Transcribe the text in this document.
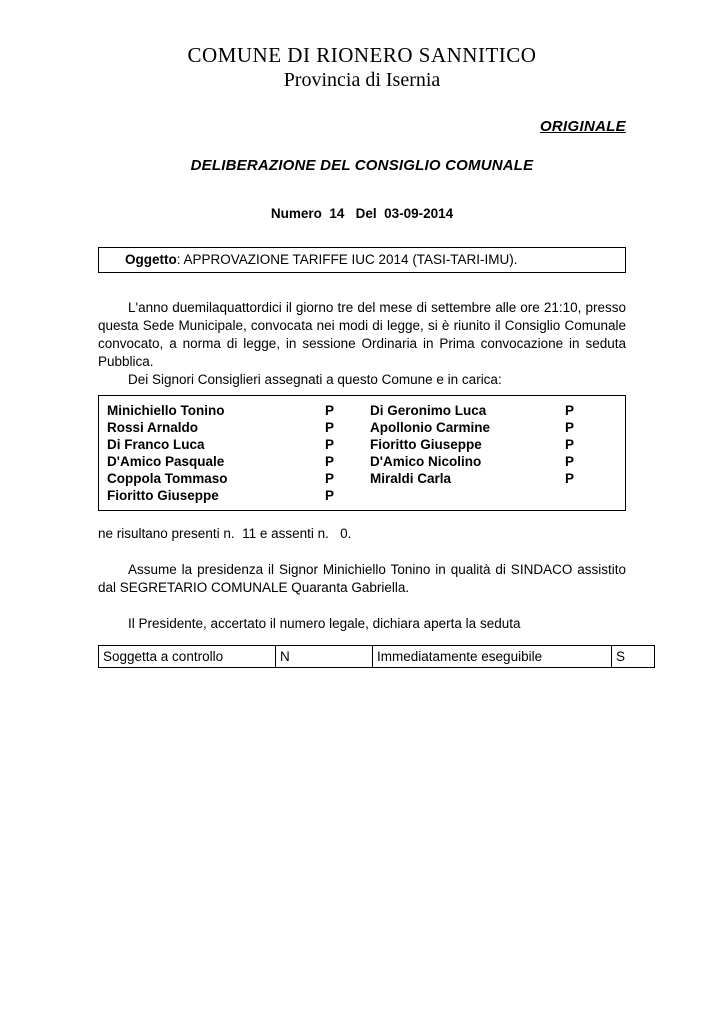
COMUNE DI RIONERO SANNITICO
Provincia di Isernia
ORIGINALE
DELIBERAZIONE DEL CONSIGLIO COMUNALE
Numero  14   Del  03-09-2014
Oggetto: APPROVAZIONE TARIFFE IUC 2014 (TASI-TARI-IMU).

L'anno duemilaquattordici il giorno tre del mese di settembre alle ore 21:10, presso questa Sede Municipale, convocata nei modi di legge, si è riunito il Consiglio Comunale convocato, a norma di legge, in sessione Ordinaria in Prima convocazione in seduta Pubblica.

Dei Signori Consiglieri assegnati a questo Comune e in carica:

Minichiello Tonino	P	Di Geronimo Luca	P
Rossi Arnaldo	P	Apollonio Carmine	P
Di Franco Luca	P	Fioritto Giuseppe	P
D'Amico Pasquale	P	D'Amico Nicolino	P
Coppola Tommaso	P	Miraldi Carla	P
Fioritto Giuseppe	P
ne risultano presenti n.  11 e assenti n.   0.

Assume la presidenza il Signor Minichiello Tonino in qualità di SINDACO assistito dal SEGRETARIO COMUNALE Quaranta Gabriella.

Il Presidente, accertato il numero legale, dichiara aperta la seduta

Soggetta a controllo	N	Immediatamente eseguibile	S
